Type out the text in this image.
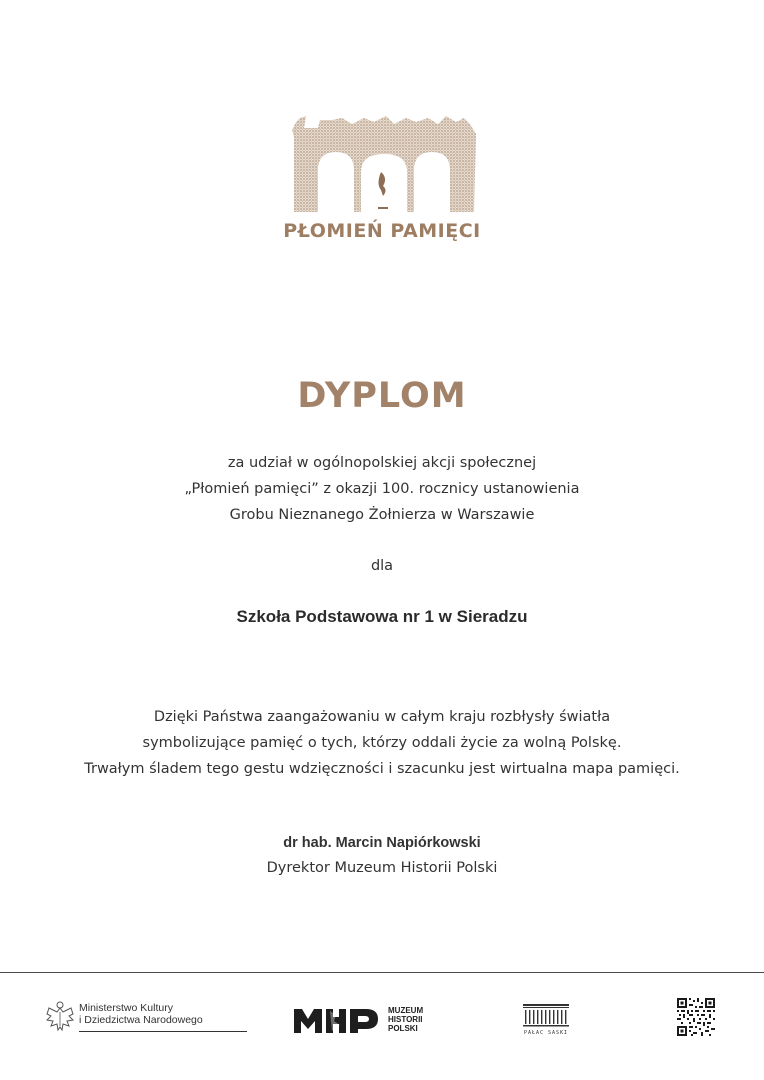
PŁOMIEŃ PAMIĘCI
DYPLOM
za udział w ogólnopolskiej akcji społecznej
„Płomień pamięci” z okazji 100. rocznicy ustanowienia
Grobu Nieznanego Żołnierza w Warszawie
dla
Szkoła Podstawowa nr 1 w Sieradzu
Dzięki Państwa zaangażowaniu w całym kraju rozbłysły światła
symbolizujące pamięć o tych, którzy oddali życie za wolną Polskę.
Trwałym śladem tego gestu wdzięczności i szacunku jest wirtualna mapa pamięci.
dr hab. Marcin Napiórkowski
Dyrektor Muzeum Historii Polski
Ministerstwo Kultury
i Dziedzictwa Narodowego
MUZEUM
HISTORII
POLSKI	PAŁAC SASKI
